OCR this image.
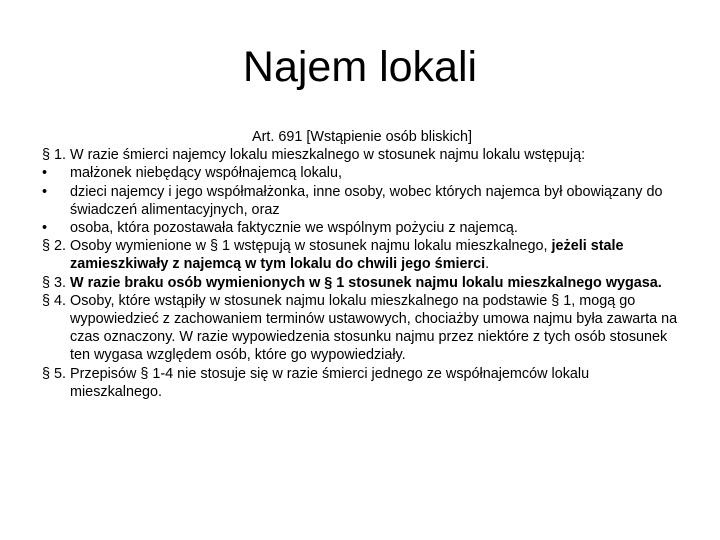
Najem lokali

Art. 691 [Wstąpienie osób bliskich]

§ 1. W razie śmierci najemcy lokalu mieszkalnego w stosunek najmu lokalu wstępują:

• małżonek niebędący współnajemcą lokalu,

• dzieci najemcy i jego współmałżonka, inne osoby, wobec których najemca był obowiązany do świadczeń alimentacyjnych, oraz

• osoba, która pozostawała faktycznie we wspólnym pożyciu z najemcą.

§ 2. Osoby wymienione w § 1 wstępują w stosunek najmu lokalu mieszkalnego, jeżeli stale zamieszkiwały z najemcą w tym lokalu do chwili jego śmierci.

§ 3. W razie braku osób wymienionych w § 1 stosunek najmu lokalu mieszkalnego wygasa.

§ 4. Osoby, które wstąpiły w stosunek najmu lokalu mieszkalnego na podstawie § 1, mogą go wypowiedzieć z zachowaniem terminów ustawowych, chociażby umowa najmu była zawarta na czas oznaczony. W razie wypowiedzenia stosunku najmu przez niektóre z tych osób stosunek ten wygasa względem osób, które go wypowiedziały.

§ 5. Przepisów § 1-4 nie stosuje się w razie śmierci jednego ze współnajemców lokalu mieszkalnego.
